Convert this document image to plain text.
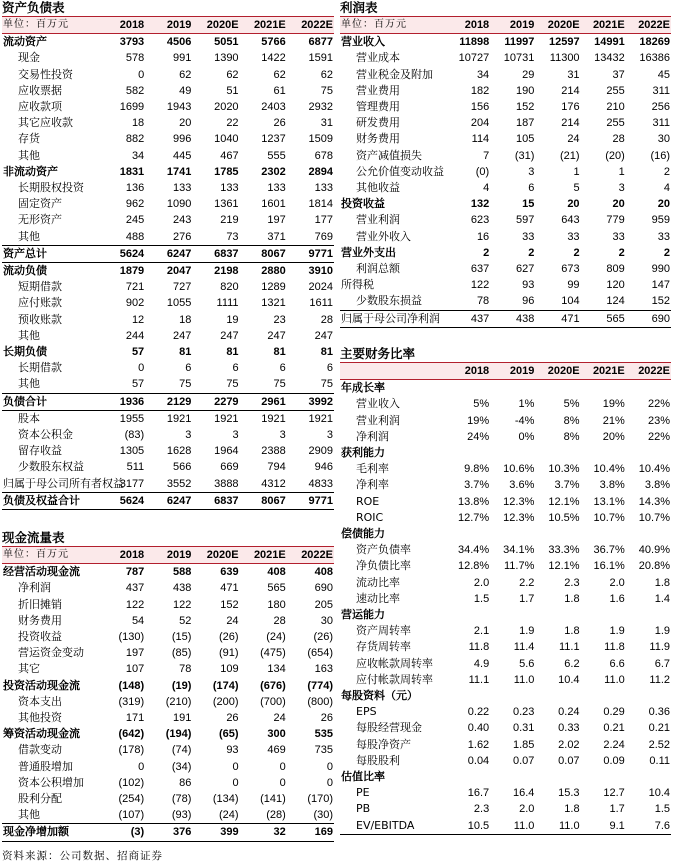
资产负债表
单位：百万元	2018	2019	2020E	2021E	2022E
流动资产	3793	4506	5051	5766	6877
现金	578	991	1390	1422	1591
交易性投资	0	62	62	62	62
应收票据	582	49	51	61	75
应收款项	1699	1943	2020	2403	2932
其它应收款	18	20	22	26	31
存货	882	996	1040	1237	1509
其他	34	445	467	555	678
非流动资产	1831	1741	1785	2302	2894
长期股权投资	136	133	133	133	133
固定资产	962	1090	1361	1601	1814
无形资产	245	243	219	197	177
其他	488	276	73	371	769
资产总计	5624	6247	6837	8067	9771
流动负债	1879	2047	2198	2880	3910
短期借款	721	727	820	1289	2024
应付账款	902	1055	1111	1321	1611
预收账款	12	18	19	23	28
其他	244	247	247	247	247
长期负债	57	81	81	81	81
长期借款	0	6	6	6	6
其他	57	75	75	75	75
负债合计	1936	2129	2279	2961	3992
股本	1955	1921	1921	1921	1921
资本公积金	(83)	3	3	3	3
留存收益	1305	1628	1964	2388	2909
少数股东权益	511	566	669	794	946
归属于母公司所有者权益	3177	3552	3888	4312	4833
负债及权益合计	5624	6247	6837	8067	9771
现金流量表
单位：百万元	2018	2019	2020E	2021E	2022E
经营活动现金流	787	588	639	408	408
净利润	437	438	471	565	690
折旧摊销	122	122	152	180	205
财务费用	54	52	24	28	30
投资收益	(130)	(15)	(26)	(24)	(26)
营运资金变动	197	(85)	(91)	(475)	(654)
其它	107	78	109	134	163
投资活动现金流	(148)	(19)	(174)	(676)	(774)
资本支出	(319)	(210)	(200)	(700)	(800)
其他投资	171	191	26	24	26
筹资活动现金流	(642)	(194)	(65)	300	535
借款变动	(178)	(74)	93	469	735
普通股增加	0	(34)	0	0	0
资本公积增加	(102)	86	0	0	0
股利分配	(254)	(78)	(134)	(141)	(170)
其他	(107)	(93)	(24)	(28)	(30)
现金净增加额	(3)	376	399	32	169
利润表
单位：百万元	2018	2019	2020E	2021E	2022E
营业收入	11898	11997	12597	14991	18269
营业成本	10727	10731	11300	13432	16386
营业税金及附加	34	29	31	37	45
营业费用	182	190	214	255	311
管理费用	156	152	176	210	256
研发费用	204	187	214	255	311
财务费用	114	105	24	28	30
资产减值损失	7	(31)	(21)	(20)	(16)
公允价值变动收益	(0)	3	1	1	2
其他收益	4	6	5	3	4
投资收益	132	15	20	20	20
营业利润	623	597	643	779	959
营业外收入	16	33	33	33	33
营业外支出	2	2	2	2	2
利润总额	637	627	673	809	990
所得税	122	93	99	120	147
少数股东损益	78	96	104	124	152
归属于母公司净利润	437	438	471	565	690
主要财务比率
	2018	2019	2020E	2021E	2022E
年成长率					
营业收入	5%	1%	5%	19%	22%
营业利润	19%	-4%	8%	21%	23%
净利润	24%	0%	8%	20%	22%
获利能力					
毛利率	9.8%	10.6%	10.3%	10.4%	10.4%
净利率	3.7%	3.6%	3.7%	3.8%	3.8%
ROE	13.8%	12.3%	12.1%	13.1%	14.3%
ROIC	12.7%	12.3%	10.5%	10.7%	10.7%
偿债能力					
资产负债率	34.4%	34.1%	33.3%	36.7%	40.9%
净负债比率	12.8%	11.7%	12.1%	16.1%	20.8%
流动比率	2.0	2.2	2.3	2.0	1.8
速动比率	1.5	1.7	1.8	1.6	1.4
营运能力					
资产周转率	2.1	1.9	1.8	1.9	1.9
存货周转率	11.8	11.4	11.1	11.8	11.9
应收帐款周转率	4.9	5.6	6.2	6.6	6.7
应付帐款周转率	11.1	11.0	10.4	11.0	11.2
每股资料（元）					
EPS	0.22	0.23	0.24	0.29	0.36
每股经营现金	0.40	0.31	0.33	0.21	0.21
每股净资产	1.62	1.85	2.02	2.24	2.52
每股股利	0.04	0.07	0.07	0.09	0.11
估值比率					
PE	16.7	16.4	15.3	12.7	10.4
PB	2.3	2.0	1.8	1.7	1.5
EV/EBITDA	10.5	11.0	11.0	9.1	7.6
资料来源：公司数据、招商证券
